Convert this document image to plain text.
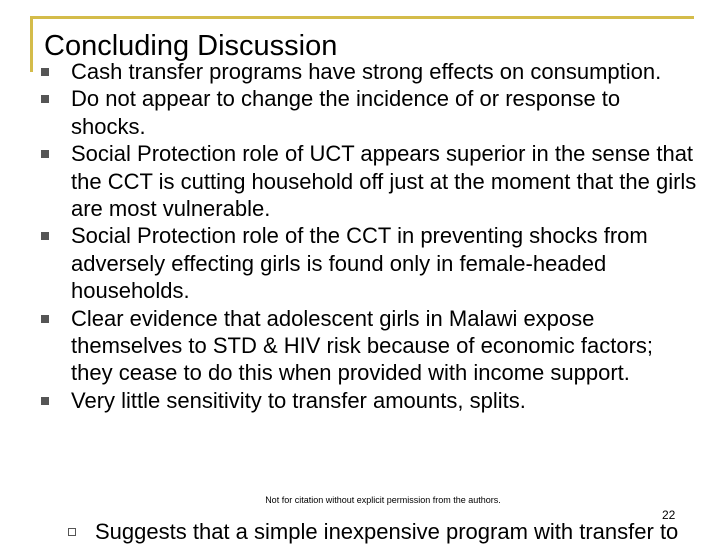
Concluding Discussion
Cash transfer programs have strong effects on consumption.
Do not appear to change the incidence of or response to shocks.
Social Protection role of UCT appears superior in the sense that the CCT is cutting household off just at the moment that the girls are most vulnerable.
Social Protection role of the CCT in preventing shocks from adversely effecting girls is found only in female-headed households.
Clear evidence that adolescent girls in Malawi expose themselves to STD & HIV risk because of economic factors; they cease to do this when provided with income support.
Very little sensitivity to transfer amounts, splits.
Suggests that a simple inexpensive program with transfer to
Not for citation without explicit permission from the authors.
22
